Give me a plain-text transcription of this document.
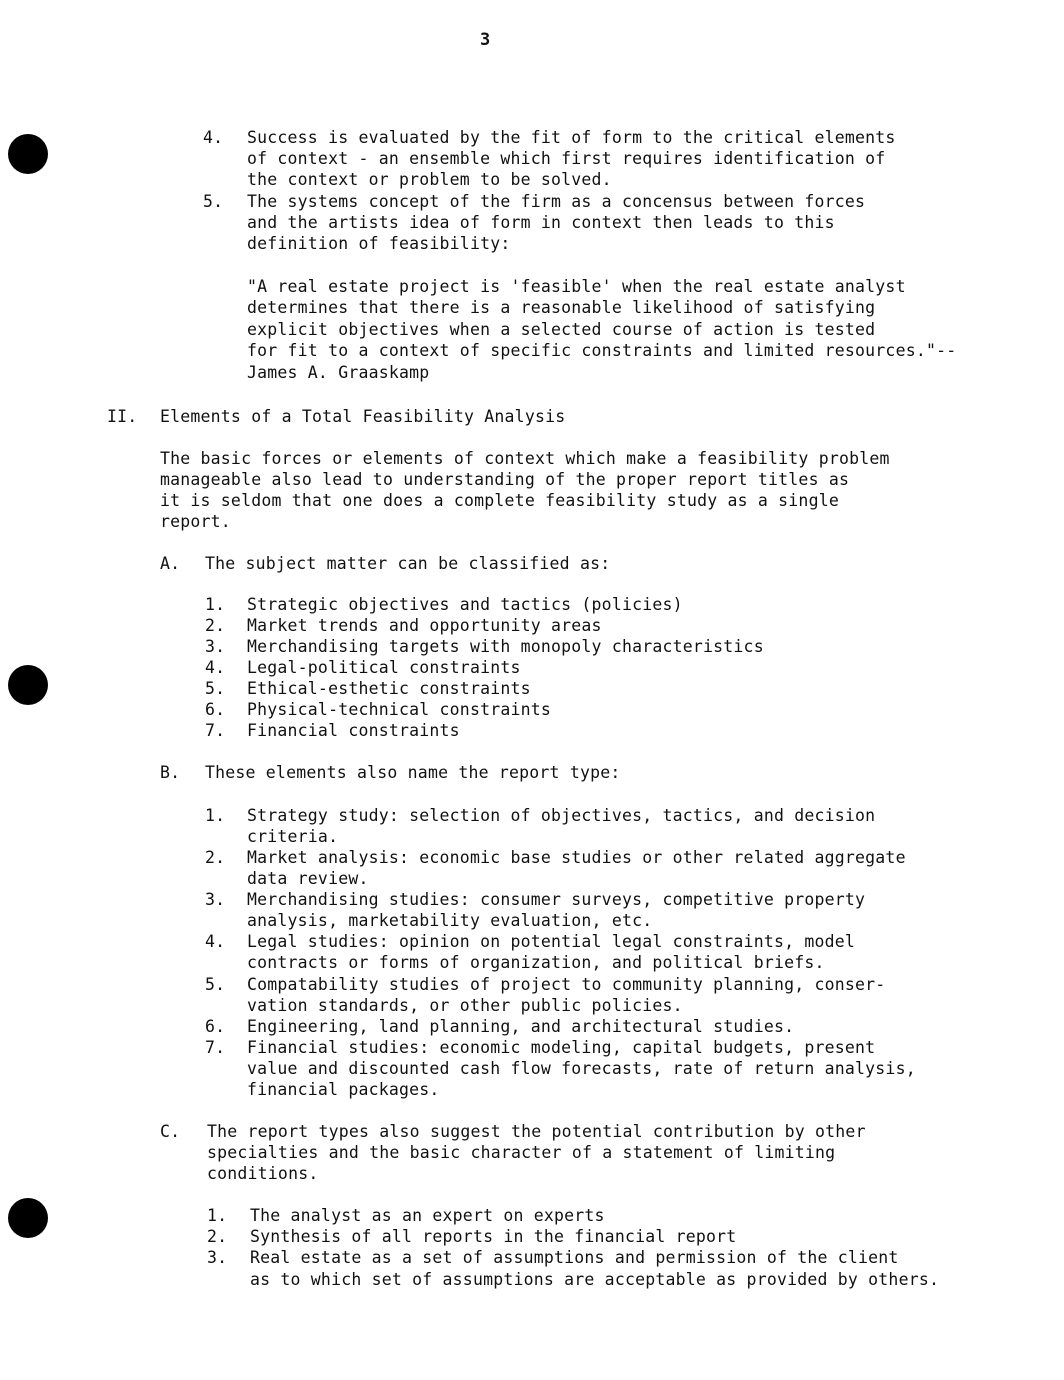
3
4. Success is evaluated by the fit of form to the critical elements
of context - an ensemble which first requires identification of
the context or problem to be solved.
5. The systems concept of the firm as a concensus between forces
and the artists idea of form in context then leads to this
definition of feasibility:
"A real estate project is 'feasible' when the real estate analyst
determines that there is a reasonable likelihood of satisfying
explicit objectives when a selected course of action is tested
for fit to a context of specific constraints and limited resources."--
James A. Graaskamp
II. Elements of a Total Feasibility Analysis
The basic forces or elements of context which make a feasibility problem
manageable also lead to understanding of the proper report titles as
it is seldom that one does a complete feasibility study as a single
report.
A. The subject matter can be classified as:
1. Strategic objectives and tactics (policies)
2. Market trends and opportunity areas
3. Merchandising targets with monopoly characteristics
4. Legal-political constraints
5. Ethical-esthetic constraints
6. Physical-technical constraints
7. Financial constraints
B. These elements also name the report type:
1. Strategy study: selection of objectives, tactics, and decision
criteria.
2. Market analysis: economic base studies or other related aggregate
data review.
3. Merchandising studies: consumer surveys, competitive property
analysis, marketability evaluation, etc.
4. Legal studies: opinion on potential legal constraints, model
contracts or forms of organization, and political briefs.
5. Compatability studies of project to community planning, conser-
vation standards, or other public policies.
6. Engineering, land planning, and architectural studies.
7. Financial studies: economic modeling, capital budgets, present
value and discounted cash flow forecasts, rate of return analysis,
financial packages.
C. The report types also suggest the potential contribution by other
specialties and the basic character of a statement of limiting
conditions.
1. The analyst as an expert on experts
2. Synthesis of all reports in the financial report
3. Real estate as a set of assumptions and permission of the client
as to which set of assumptions are acceptable as provided by others.
